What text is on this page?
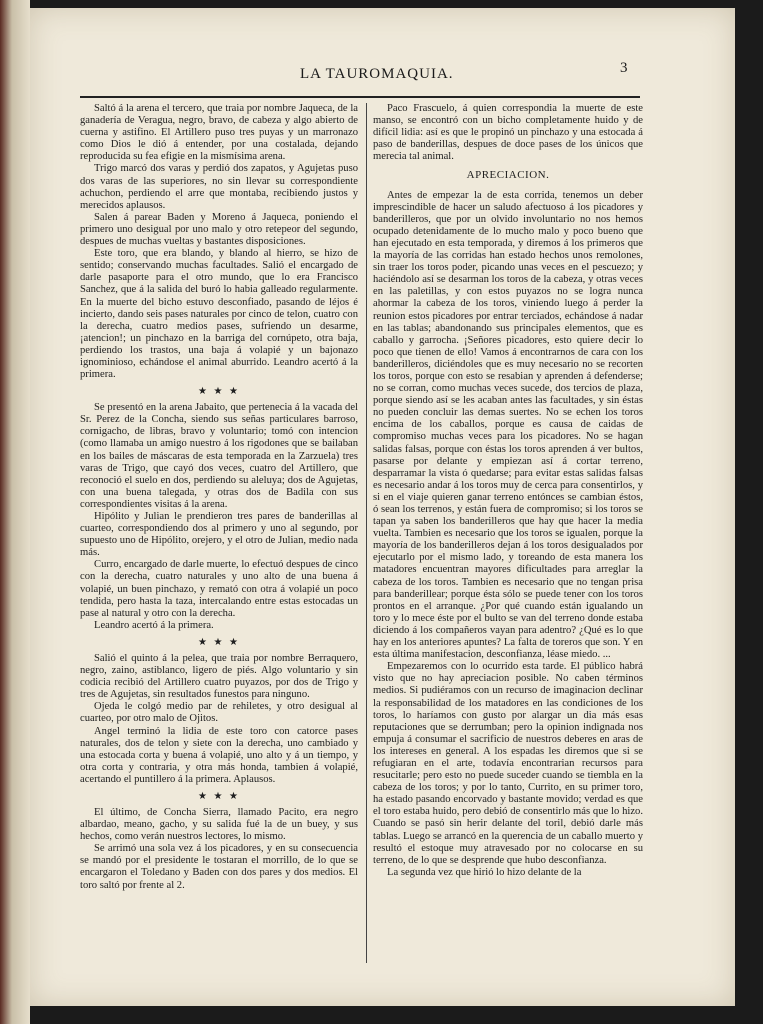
LA TAUROMAQUIA.	3

Saltó á la arena el tercero, que traia por nombre Jaqueca, de la ganadería de Veragua, negro, bravo, de cabeza y algo abierto de cuerna y astifino. El Artillero puso tres puyas y un marronazo como Dios le dió á entender, por una costalada, dejando reproducida su fea efigie en la mismísima arena.

Trigo marcó dos varas y perdió dos zapatos, y Agujetas puso dos varas de las superiores, no sin llevar su correspondiente achuchon, perdiendo el arre que montaba, recibiendo justos y merecidos aplausos.

Salen á parear Baden y Moreno á Jaqueca, poniendo el primero uno desigual por uno malo y otro retepeor del segundo, despues de muchas vueltas y bastantes disposiciones.

Este toro, que era blando, y blando al hierro, se hizo de sentido; conservando muchas facultades. Salió el encargado de darle pasaporte para el otro mundo, que lo era Francisco Sanchez, que á la salida del buró lo habia galleado regularmente. En la muerte del bicho estuvo desconfiado, pasando de léjos é incierto, dando seis pases naturales por cinco de telon, cuatro con la derecha, cuatro medios pases, sufriendo un desarme, ¡atencion!; un pinchazo en la barriga del cornúpeto, otra baja, perdiendo los trastos, una baja á volapié y un bajonazo ignominioso, echándose el animal aburrido. Leandro acertó á la primera.

★ ★ ★

Se presentó en la arena Jabaito, que pertenecia á la vacada del Sr. Perez de la Concha, siendo sus señas particulares barroso, cornigacho, de libras, bravo y voluntario; tomó con intencion (como llamaba un amigo nuestro á los rigodones que se bailaban en los bailes de máscaras de esta temporada en la Zarzuela) tres varas de Trigo, que cayó dos veces, cuatro del Artillero, que reconoció el suelo en dos, perdiendo su aleluya; dos de Agujetas, con una buena talegada, y otras dos de Badila con sus correspondientes visitas á la arena.

Hipólito y Julian le prendieron tres pares de banderillas al cuarteo, correspondiendo dos al primero y uno al segundo, por supuesto uno de Hipólito, orejero, y el otro de Julian, medio nada más.

Curro, encargado de darle muerte, lo efectuó despues de cinco con la derecha, cuatro naturales y uno alto de una buena á volapié, un buen pinchazo, y remató con otra á volapié un poco tendida, pero hasta la taza, intercalando entre estas estocadas un pase al natural y otro con la derecha.

Leandro acertó á la primera.

★ ★ ★

Salió el quinto á la pelea, que traia por nombre Berraquero, negro, zaino, astiblanco, ligero de piés. Algo voluntario y sin codicia recibió del Artillero cuatro puyazos, por dos de Trigo y tres de Agujetas, sin resultados funestos para ninguno.

Ojeda le colgó medio par de rehiletes, y otro desigual al cuarteo, por otro malo de Ojitos.

Angel terminó la lidia de este toro con catorce pases naturales, dos de telon y siete con la derecha, uno cambiado y una estocada corta y buena á volapié, uno alto y á un tiempo, y otra corta y contraria, y otra más honda, tambien á volapié, acertando el puntillero á la primera. Aplausos.

★ ★ ★

El último, de Concha Sierra, llamado Pacito, era negro albardao, meano, gacho, y su salida fué la de un buey, y sus hechos, como verán nuestros lectores, lo mismo.

Se arrimó una sola vez á los picadores, y en su consecuencia se mandó por el presidente le tostaran el morrillo, de lo que se encargaron el Toledano y Baden con dos pares y dos medios. El toro saltó por frente al 2.

Paco Frascuelo, á quien correspondia la muerte de este manso, se encontró con un bicho completamente huido y de difícil lidia: así es que le propinó un pinchazo y una estocada á paso de banderillas, despues de doce pases de los únicos que merecia tal animal.

APRECIACION.

Antes de empezar la de esta corrida, tenemos un deber imprescindible de hacer un saludo afectuoso á los picadores y banderilleros, que por un olvido involuntario no nos hemos ocupado detenidamente de lo mucho malo y poco bueno que han ejecutado en esta temporada, y diremos á los primeros que la mayoría de las corridas han estado hechos unos remolones, sin traer los toros poder, picando unas veces en el pescuezo; y haciéndolo así se desarman los toros de la cabeza, y otras veces en las paletillas, y con estos puyazos no se logra nunca ahormar la cabeza de los toros, viniendo luego á perder la reunion estos picadores por entrar terciados, echándose á nadar en las tablas; abandonando sus principales elementos, que es caballo y garrocha. ¡Señores picadores, esto quiere decir lo poco que tienen de ello! Vamos á encontrarnos de cara con los banderilleros, diciéndoles que es muy necesario no se recorten los toros, porque con esto se resabian y aprenden á defenderse; no se corran, como muchas veces sucede, dos tercios de plaza, porque siendo así se les acaban antes las facultades, y sin éstas no pueden concluir las demas suertes. No se echen los toros encima de los caballos, porque es causa de caidas de compromiso muchas veces para los picadores. No se hagan salidas falsas, porque con éstas los toros aprenden á ver bultos, pasarse por delante y empiezan así á cortar terreno, desparramar la vista ó quedarse; para evitar estas salidas falsas es necesario andar á los toros muy de cerca para consentirlos, y si en el viaje quieren ganar terreno entónces se cambian éstos, ó sean los terrenos, y están fuera de compromiso; si los toros se tapan ya saben los banderilleros que hay que hacer la media vuelta. Tambien es necesario que los toros se igualen, porque la mayoría de los banderilleros dejan á los toros desigualados por ejecutarlo por el mismo lado, y toreando de esta manera los matadores encuentran mayores dificultades para arreglar la cabeza de los toros. Tambien es necesario que no tengan prisa para banderillear; porque ésta sólo se puede tener con los toros prontos en el arranque. ¿Por qué cuando están igualando un toro y lo mece éste por el bulto se van del terreno donde estaba diciendo á los compañeros vayan para adentro? ¿Qué es lo que hay en los anteriores apuntes? La falta de toreros que son. Y en esta última manifestacion, desconfianza, léase miedo. ...

Empezaremos con lo ocurrido esta tarde. El público habrá visto que no hay apreciacion posible. No caben términos medios. Si pudiéramos con un recurso de imaginacion declinar la responsabilidad de los matadores en las condiciones de los toros, lo haríamos con gusto por alargar un dia más esas reputaciones que se derrumban; pero la opinion indignada nos empuja á consumar el sacrificio de nuestros deberes en aras de los intereses en general. A los espadas les diremos que si se refugiaran en el arte, todavía encontrarian recursos para resucitarle; pero esto no puede suceder cuando se tiembla en la cabeza de los toros; y por lo tanto, Currito, en su primer toro, ha estado pasando encorvado y bastante movido; verdad es que el toro estaba huido, pero debió de consentirlo más que lo hizo. Cuando se pasó sin herir delante del toril, debió darle más tablas. Luego se arrancó en la querencia de un caballo muerto y resultó el estoque muy atravesado por no colocarse en su terreno, de lo que se desprende que hubo desconfianza.

La segunda vez que hirió lo hizo delante de la
